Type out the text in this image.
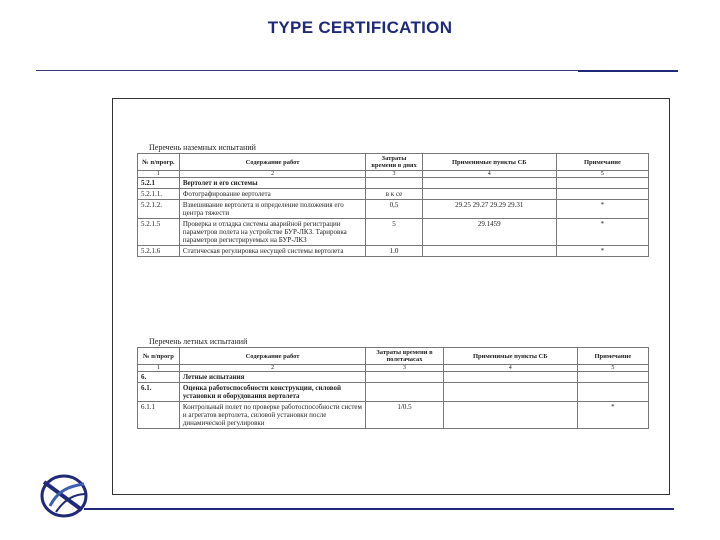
TYPE CERTIFICATION
Перечень наземных испытаний
№ п/прогр.	Содержание работ	Затраты времени в днях	Применимые пункты СБ	Примечание
1	2	3	4	5
5.2.1	Вертолет и его системы			
5.2.1.1.	Фотографирование вертолета	в к се		
5.2.1.2.	Взвешивание вертолета и определение положения его центра тяжести	0,5	29.25 29.27 29.29 29.31	*
5.2.1.5	Проверка и отладка системы аварийной регистрации параметров полета на устройстве БУР-ЛКЗ. Тарировка параметров регистрируемых на БУР-ЛКЗ	5	29.1459	*
5.2.1.6	Статическая регулировка несущей системы вертолета	1.0		*
Перечень летных испытаний
№ п/прогр	Содержание работ	Затраты времени в полетачасах	Применимые пункты СБ	Примечание
1	2	3	4	5
6.	Летные испытания			
6.1.	Оценка работоспособности конструкции, силовой установки и оборудования вертолета			
6.1.1	Контрольный полет по проверке работоспособности систем и агрегатов вертолета, силовой установки после динамической регулировки	1/0.5		*
